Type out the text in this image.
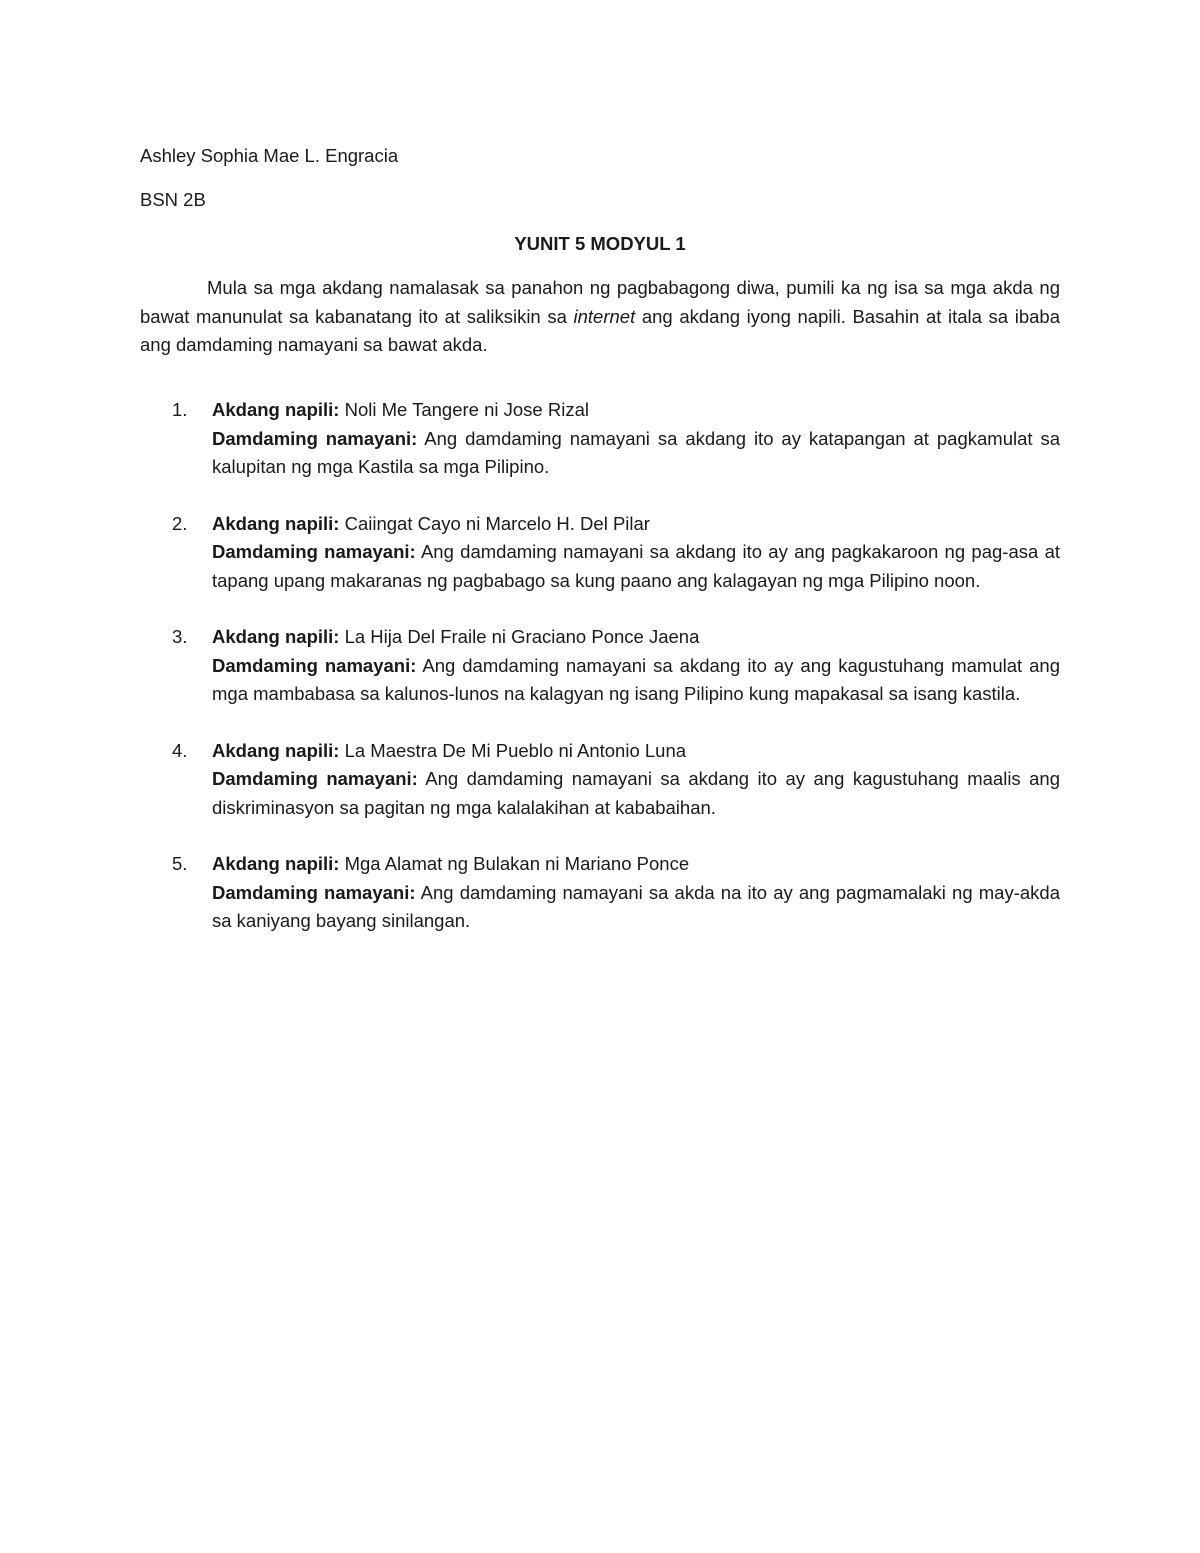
Ashley Sophia Mae L. Engracia
BSN 2B
YUNIT 5 MODYUL 1

Mula sa mga akdang namalasak sa panahon ng pagbabagong diwa, pumili ka ng isa sa mga akda ng bawat manunulat sa kabanatang ito at saliksikin sa internet ang akdang iyong napili. Basahin at itala sa ibaba ang damdaming namayani sa bawat akda.

1. Akdang napili: Noli Me Tangere ni Jose Rizal

Damdaming namayani: Ang damdaming namayani sa akdang ito ay katapangan at pagkamulat sa kalupitan ng mga Kastila sa mga Pilipino.

2. Akdang napili: Caiingat Cayo ni Marcelo H. Del Pilar

Damdaming namayani: Ang damdaming namayani sa akdang ito ay ang pagkakaroon ng pag-asa at tapang upang makaranas ng pagbabago sa kung paano ang kalagayan ng mga Pilipino noon.

3. Akdang napili: La Hija Del Fraile ni Graciano Ponce Jaena

Damdaming namayani: Ang damdaming namayani sa akdang ito ay ang kagustuhang mamulat ang mga mambabasa sa kalunos-lunos na kalagyan ng isang Pilipino kung mapakasal sa isang kastila.

4. Akdang napili: La Maestra De Mi Pueblo ni Antonio Luna

Damdaming namayani: Ang damdaming namayani sa akdang ito ay ang kagustuhang maalis ang diskriminasyon sa pagitan ng mga kalalakihan at kababaihan.

5. Akdang napili: Mga Alamat ng Bulakan ni Mariano Ponce

Damdaming namayani: Ang damdaming namayani sa akda na ito ay ang pagmamalaki ng may-akda sa kaniyang bayang sinilangan.
